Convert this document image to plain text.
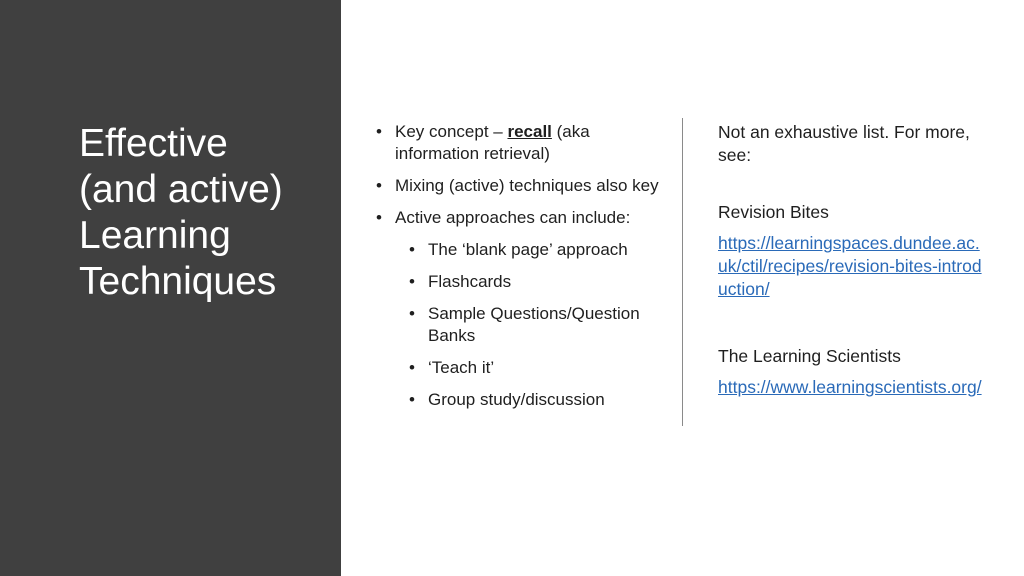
Effective
(and active)
Learning
Techniques
• Key concept – recall (aka information retrieval)
• Mixing (active) techniques also key
• Active approaches can include:
• The ‘blank page’ approach
• Flashcards
• Sample Questions/Question Banks
• ‘Teach it’
• Group study/discussion

Not an exhaustive list. For more, see:

Revision Bites

https://learningspaces.dundee.ac.uk/ctil/recipes/revision-bites-introduction/

The Learning Scientists

https://www.learningscientists.org/
